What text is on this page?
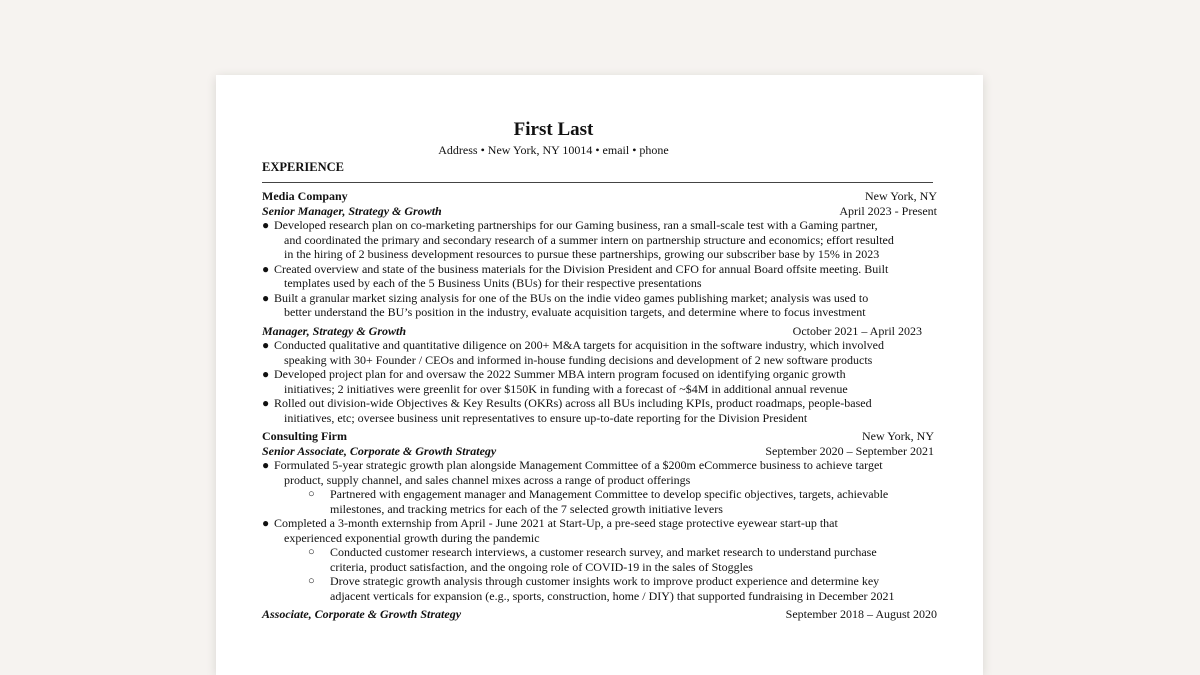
First Last
Address • New York, NY 10014 • email • phone
EXPERIENCE
Media Company	New York, NY
Senior Manager, Strategy & Growth	April 2023 - Present
● Developed research plan on co-marketing partnerships for our Gaming business, ran a small-scale test with a Gaming partner,
and coordinated the primary and secondary research of a summer intern on partnership structure and economics; effort resulted
in the hiring of 2 business development resources to pursue these partnerships, growing our subscriber base by 15% in 2023
● Created overview and state of the business materials for the Division President and CFO for annual Board offsite meeting. Built
templates used by each of the 5 Business Units (BUs) for their respective presentations
● Built a granular market sizing analysis for one of the BUs on the indie video games publishing market; analysis was used to
better understand the BU’s position in the industry, evaluate acquisition targets, and determine where to focus investment
Manager, Strategy & Growth	October 2021 – April 2023
● Conducted qualitative and quantitative diligence on 200+ M&A targets for acquisition in the software industry, which involved
speaking with 30+ Founder / CEOs and informed in-house funding decisions and development of 2 new software products
● Developed project plan for and oversaw the 2022 Summer MBA intern program focused on identifying organic growth
initiatives; 2 initiatives were greenlit for over $150K in funding with a forecast of ~$4M in additional annual revenue
● Rolled out division-wide Objectives & Key Results (OKRs) across all BUs including KPIs, product roadmaps, people-based
initiatives, etc; oversee business unit representatives to ensure up-to-date reporting for the Division President
Consulting Firm	New York, NY
Senior Associate, Corporate & Growth Strategy	September 2020 – September 2021
● Formulated 5-year strategic growth plan alongside Management Committee of a $200m eCommerce business to achieve target
product, supply channel, and sales channel mixes across a range of product offerings
○ Partnered with engagement manager and Management Committee to develop specific objectives, targets, achievable
milestones, and tracking metrics for each of the 7 selected growth initiative levers
● Completed a 3-month externship from April - June 2021 at Start-Up, a pre-seed stage protective eyewear start-up that
experienced exponential growth during the pandemic
○ Conducted customer research interviews, a customer research survey, and market research to understand purchase
criteria, product satisfaction, and the ongoing role of COVID-19 in the sales of Stoggles
○ Drove strategic growth analysis through customer insights work to improve product experience and determine key
adjacent verticals for expansion (e.g., sports, construction, home / DIY) that supported fundraising in December 2021
Associate, Corporate & Growth Strategy	September 2018 – August 2020
